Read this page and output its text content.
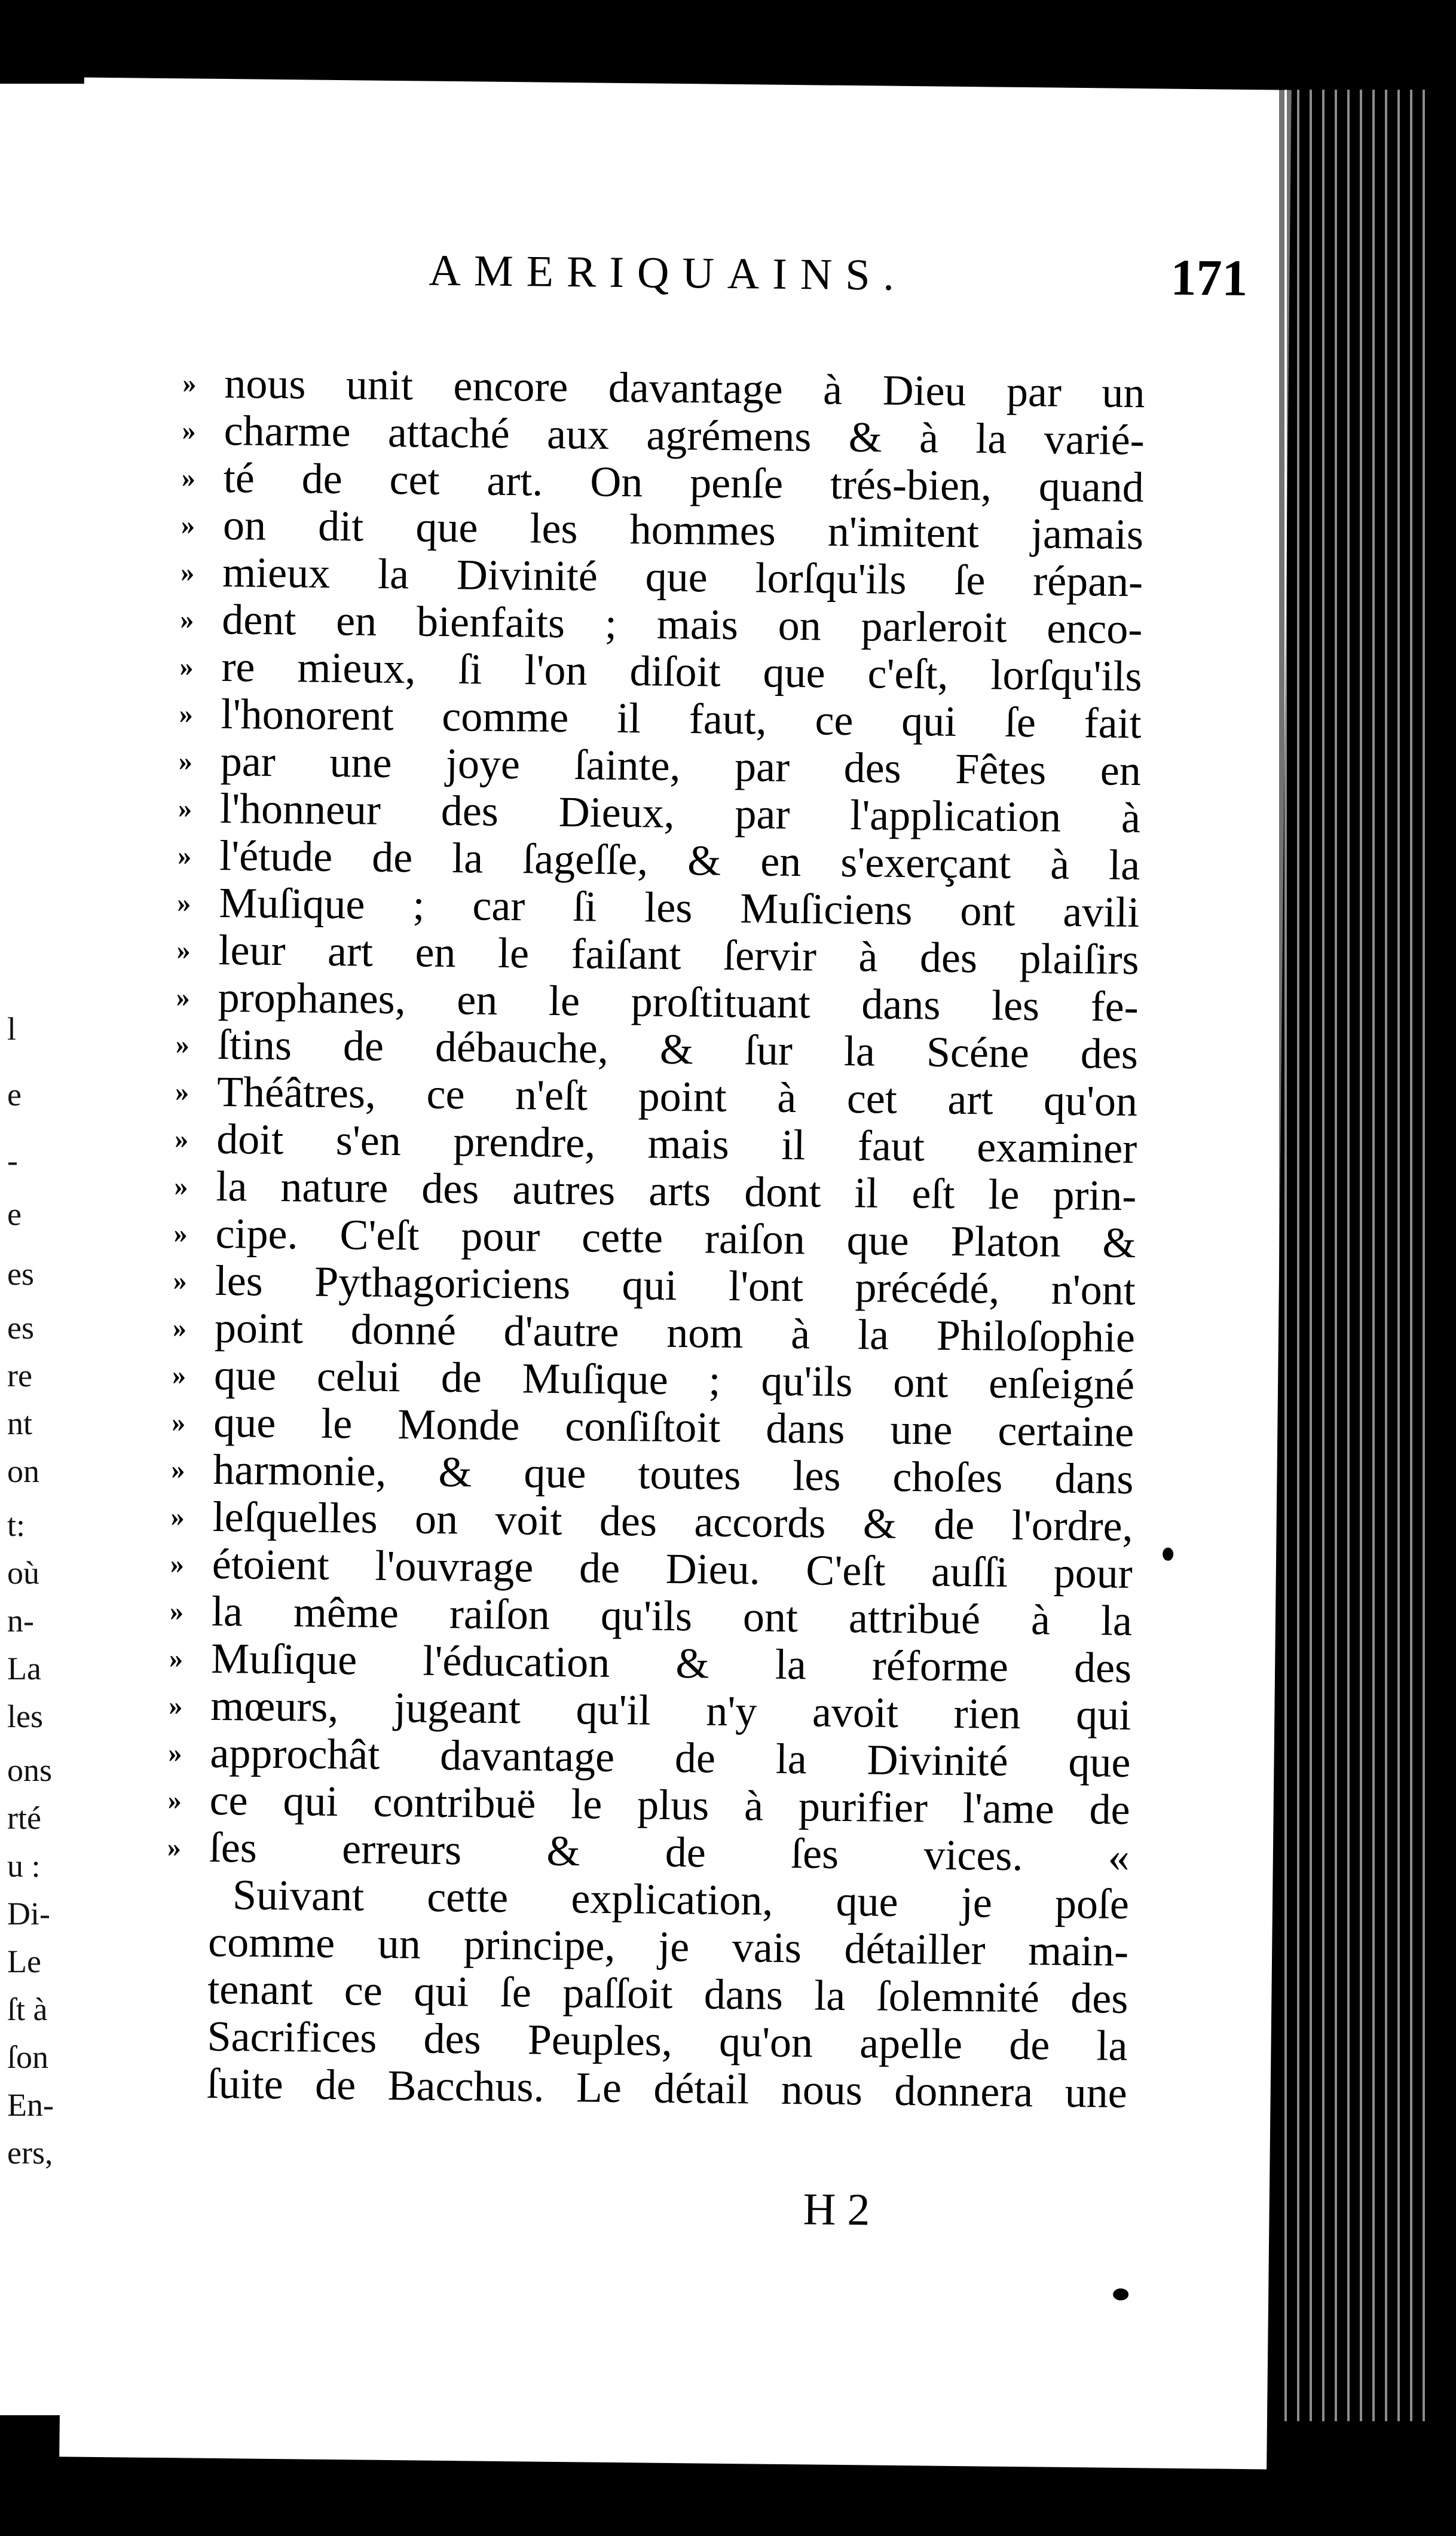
l
e
-
e
es
es
re
nt
on
t:
où
n-
La
les
ons
rté
u :
Di-
Le
ſt à
ſon
En-
ers,
AMERIQUAINS.	171
» nous unit encore davantage à Dieu par un
» charme attaché aux agrémens & à la varié-
» té de cet art. On penſe trés-bien, quand
» on dit que les hommes n'imitent jamais
» mieux la Divinité que lorſqu'ils ſe répan-
» dent en bienfaits ; mais on parleroit enco-
» re mieux, ſi l'on diſoit que c'eſt, lorſqu'ils
» l'honorent comme il faut, ce qui ſe fait
» par une joye ſainte, par des Fêtes en
» l'honneur des Dieux, par l'application à
» l'étude de la ſageſſe, & en s'exerçant à la
» Muſique ; car ſi les Muſiciens ont avili
» leur art en le faiſant ſervir à des plaiſirs
» prophanes, en le proſtituant dans les fe-
» ſtins de débauche, & ſur la Scéne des
» Théâtres, ce n'eſt point à cet art qu'on
» doit s'en prendre, mais il faut examiner
» la nature des autres arts dont il eſt le prin-
» cipe. C'eſt pour cette raiſon que Platon &
» les Pythagoriciens qui l'ont précédé, n'ont
» point donné d'autre nom à la Philoſophie
» que celui de Muſique ; qu'ils ont enſeigné
» que le Monde conſiſtoit dans une certaine
» harmonie, & que toutes les choſes dans
» leſquelles on voit des accords & de l'ordre,
» étoient l'ouvrage de Dieu. C'eſt auſſi pour
» la même raiſon qu'ils ont attribué à la
» Muſique l'éducation & la réforme des
» mœurs, jugeant qu'il n'y avoit rien qui
» approchât davantage de la Divinité que
» ce qui contribuë le plus à purifier l'ame de
» ſes erreurs & de ſes vices. «
Suivant cette explication, que je poſe
comme un principe, je vais détailler main-
tenant ce qui ſe paſſoit dans la ſolemnité des
Sacrifices des Peuples, qu'on apelle de la
ſuite de Bacchus. Le détail nous donnera une
H 2
